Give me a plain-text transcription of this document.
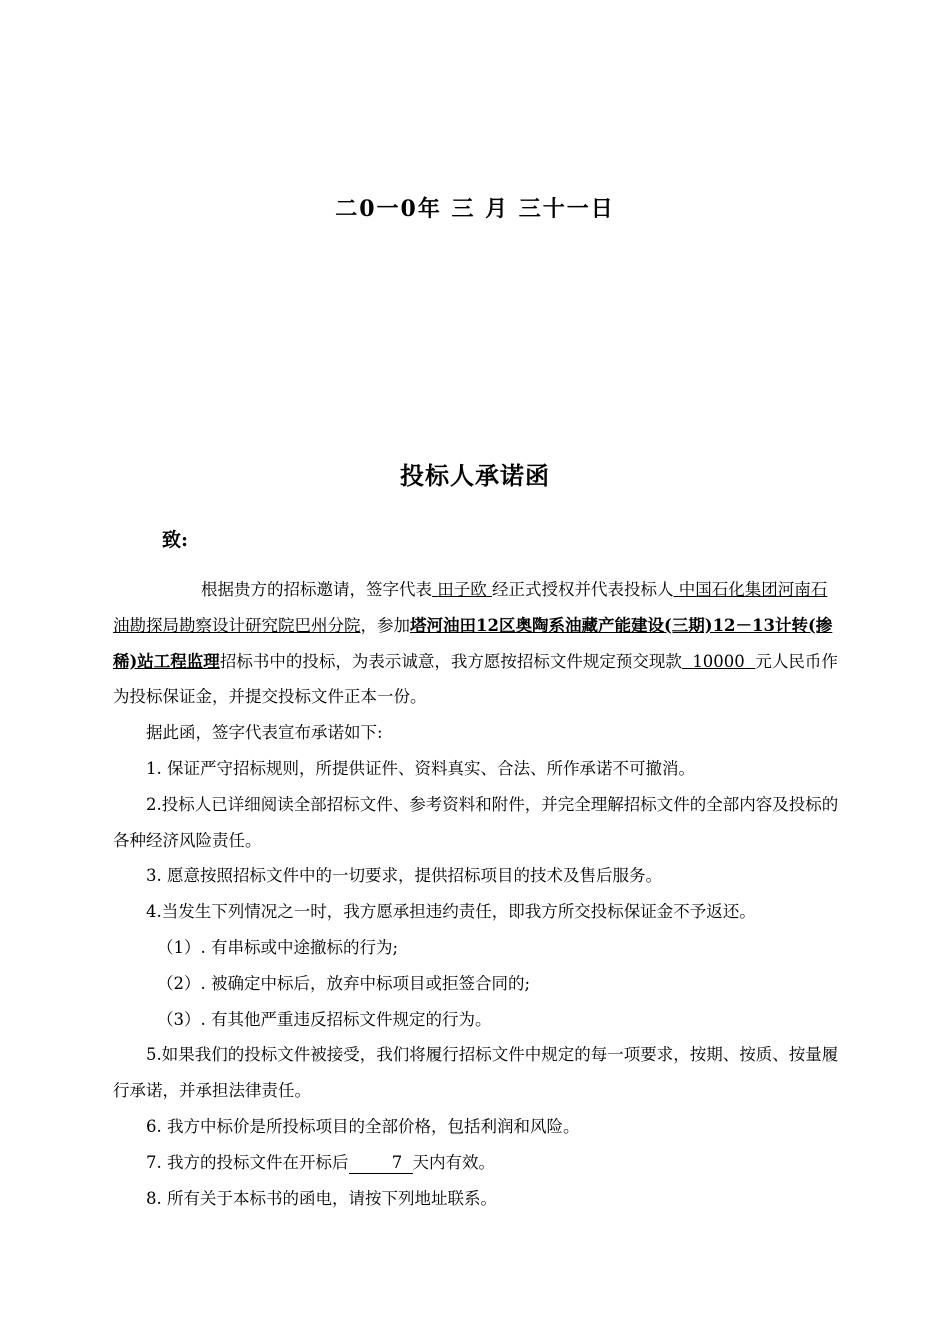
二0一0年 三 月 三十一日
投标人承诺函
致:

根据贵方的招标邀请，签字代表 田子欧 经正式授权并代表投标人 中国石化集团河南石油勘探局勘察设计研究院巴州分院，参加塔河油田12区奥陶系油藏产能建设(三期)12－13计转(掺稀)站工程监理招标书中的投标，为表示诚意，我方愿按招标文件规定预交现款 10000 元人民币作为投标保证金，并提交投标文件正本一份。

据此函，签字代表宣布承诺如下:

1. 保证严守招标规则，所提供证件、资料真实、合法、所作承诺不可撤消。

2.投标人已详细阅读全部招标文件、参考资料和附件，并完全理解招标文件的全部内容及投标的各种经济风险责任。

3. 愿意按照招标文件中的一切要求，提供招标项目的技术及售后服务。

4.当发生下列情况之一时，我方愿承担违约责任，即我方所交投标保证金不予返还。

（1）. 有串标或中途撤标的行为;

（2）. 被确定中标后，放弃中标项目或拒签合同的;

（3）. 有其他严重违反招标文件规定的行为。

5.如果我们的投标文件被接受，我们将履行招标文件中规定的每一项要求，按期、按质、按量履行承诺，并承担法律责任。

6. 我方中标价是所投标项目的全部价格，包括利润和风险。

7. 我方的投标文件在开标后	7 天内有效。

8. 所有关于本标书的函电，请按下列地址联系。
